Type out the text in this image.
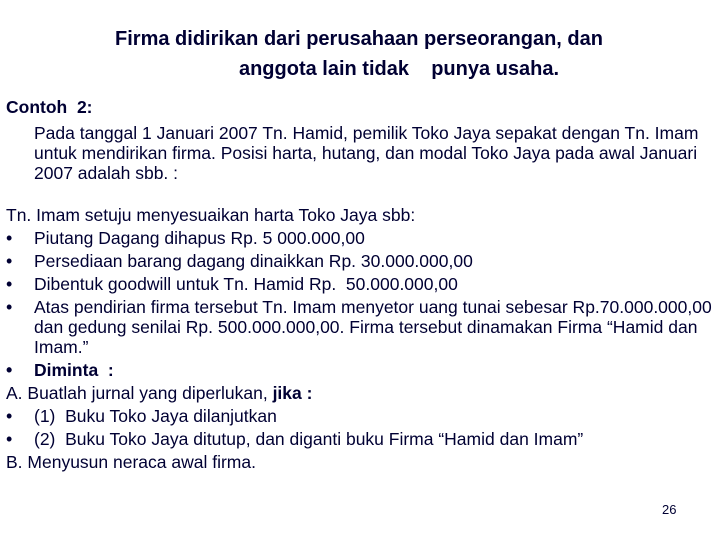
Firma didirikan dari perusahaan perseorangan, dan
anggota lain tidak    punya usaha.
Contoh  2:
Pada tanggal 1 Januari 2007 Tn. Hamid, pemilik Toko Jaya sepakat dengan Tn. Imam untuk mendirikan firma. Posisi harta, hutang, dan modal Toko Jaya pada awal Januari 2007 adalah sbb. :
Tn. Imam setuju menyesuaikan harta Toko Jaya sbb:
• Piutang Dagang dihapus Rp. 5 000.000,00
• Persediaan barang dagang dinaikkan Rp. 30.000.000,00
• Dibentuk goodwill untuk Tn. Hamid Rp.  50.000.000,00
• Atas pendirian firma tersebut Tn. Imam menyetor uang tunai sebesar Rp.70.000.000,00 dan gedung senilai Rp. 500.000.000,00. Firma tersebut dinamakan Firma “Hamid dan Imam.”
• Diminta  :
A. Buatlah jurnal yang diperlukan, jika :
• (1)  Buku Toko Jaya dilanjutkan
• (2)  Buku Toko Jaya ditutup, dan diganti buku Firma “Hamid dan Imam”
B. Menyusun neraca awal firma.
26
